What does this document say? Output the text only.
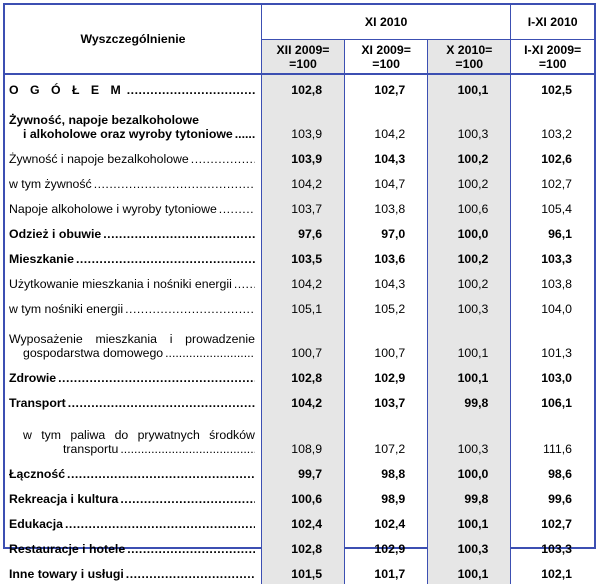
Wyszczególnienie	XI 2010			I-XI 2010

	XII 2009=
=100	XI 2009=
=100	X 2010=
=100	I-XI 2009=
=100

O G Ó Ł E M
.....	102,8	102,7	100,1	102,5

Żywność, napoje bezalkoholowe
i alkoholowe oraz wyroby tytoniowe
.....	103,9	104,2	100,3	103,2

Żywność i napoje bezalkoholowe
.....	103,9	104,3	100,2	102,6

w tym żywność
.....	104,2	104,7	100,2	102,7

Napoje alkoholowe i wyroby tytoniowe
.....	103,7	103,8	100,6	105,4

Odzież i obuwie
.....	97,6	97,0	100,0	96,1

Mieszkanie
.....	103,5	103,6	100,2	103,3

Użytkowanie mieszkania i nośniki energii
.....	104,2	104,3	100,2	103,8

w tym nośniki energii
.....	105,1	105,2	100,3	104,0

Wyposażenie mieszkania i prowadzenie
gospodarstwa domowego
.....	100,7	100,7	100,1	101,3

Zdrowie
.....	102,8	102,9	100,1	103,0

Transport
.....	104,2	103,7	99,8	106,1

w tym paliwa do prywatnych środków
transportu
.....	108,9	107,2	100,3	111,6

Łączność
.....	99,7	98,8	100,0	98,6

Rekreacja i kultura
.....	100,6	98,9	99,8	99,6

Edukacja
.....	102,4	102,4	100,1	102,7

Restauracje i hotele
.....	102,8	102,9	100,3	103,3

Inne towary i usługi
.....	101,5	101,7	100,1	102,1
